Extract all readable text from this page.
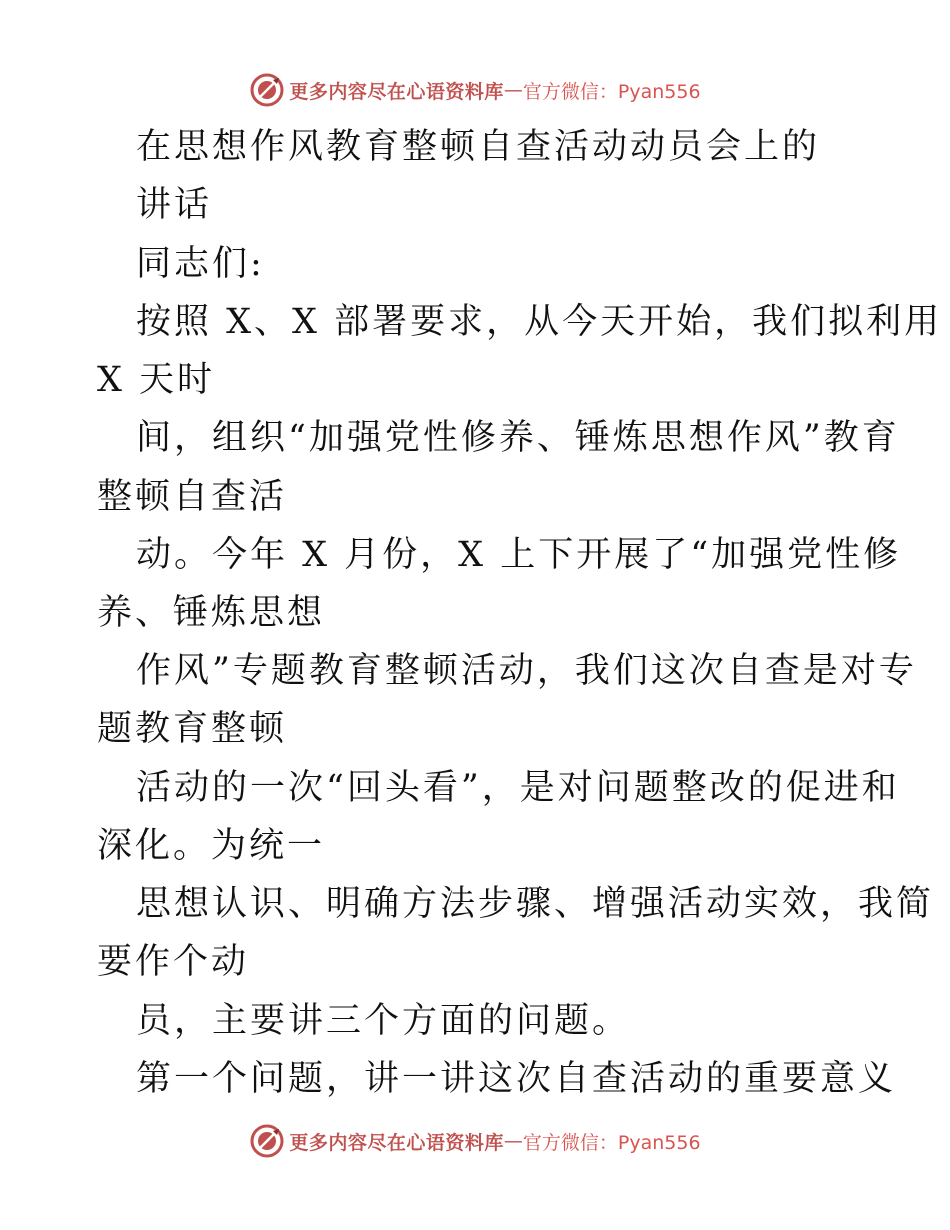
更多内容尽在心语资料库 — 官方微信：Pyan556
在思想作风教育整顿自查活动动员会上的
讲话
同志们:
按照 X、X 部署要求，从今天开始，我们拟利用
X 天时
间，组织“加强党性修养、锤炼思想作风”教育
整顿自查活
动。今年 X 月份，X 上下开展了“加强党性修
养、锤炼思想
作风”专题教育整顿活动，我们这次自查是对专
题教育整顿
活动的一次“回头看”，是对问题整改的促进和
深化。为统一
思想认识、明确方法步骤、增强活动实效，我简
要作个动
员，主要讲三个方面的问题。
第一个问题，讲一讲这次自查活动的重要意义
更多内容尽在心语资料库 — 官方微信：Pyan556
